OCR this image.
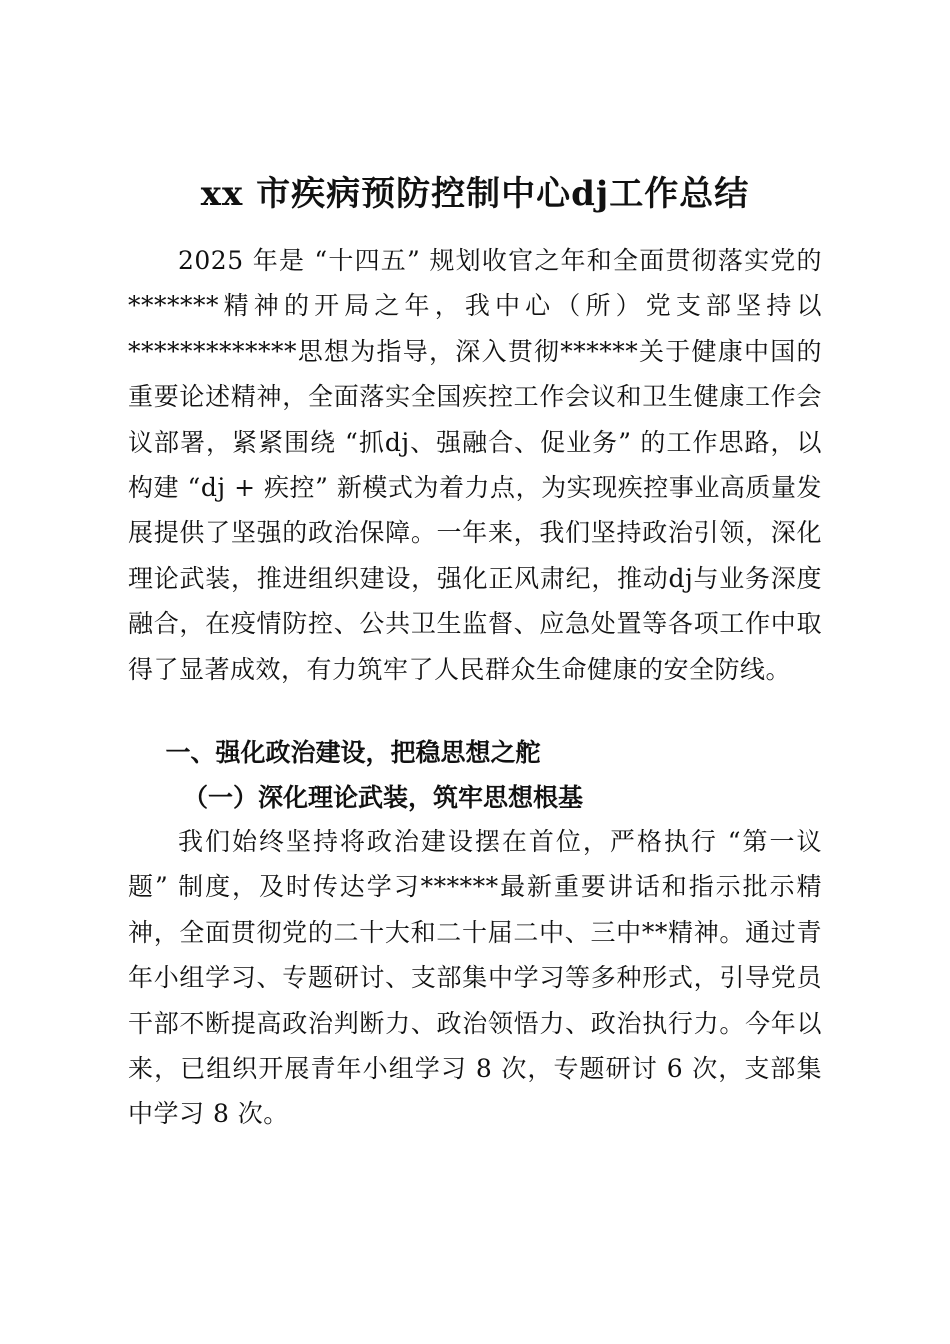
xx 市疾病预防控制中心dj工作总结

2025 年是 “十四五” 规划收官之年和全面贯彻落实党的*******精神的开局之年，我中心（所）党支部坚持以*************思想为指导，深入贯彻******关于健康中国的重要论述精神，全面落实全国疾控工作会议和卫生健康工作会议部署，紧紧围绕 “抓dj、强融合、促业务” 的工作思路，以构建 “dj + 疾控” 新模式为着力点，为实现疾控事业高质量发展提供了坚强的政治保障。一年来，我们坚持政治引领，深化理论武装，推进组织建设，强化正风肃纪，推动dj与业务深度融合，在疫情防控、公共卫生监督、应急处置等各项工作中取得了显著成效，有力筑牢了人民群众生命健康的安全防线。

一、强化政治建设，把稳思想之舵
（一）深化理论武装，筑牢思想根基

我们始终坚持将政治建设摆在首位，严格执行 “第一议题” 制度，及时传达学习******最新重要讲话和指示批示精神，全面贯彻党的二十大和二十届二中、三中**精神。通过青年小组学习、专题研讨、支部集中学习等多种形式，引导党员干部不断提高政治判断力、政治领悟力、政治执行力。今年以来，已组织开展青年小组学习 8 次，专题研讨 6 次，支部集中学习 8 次。
